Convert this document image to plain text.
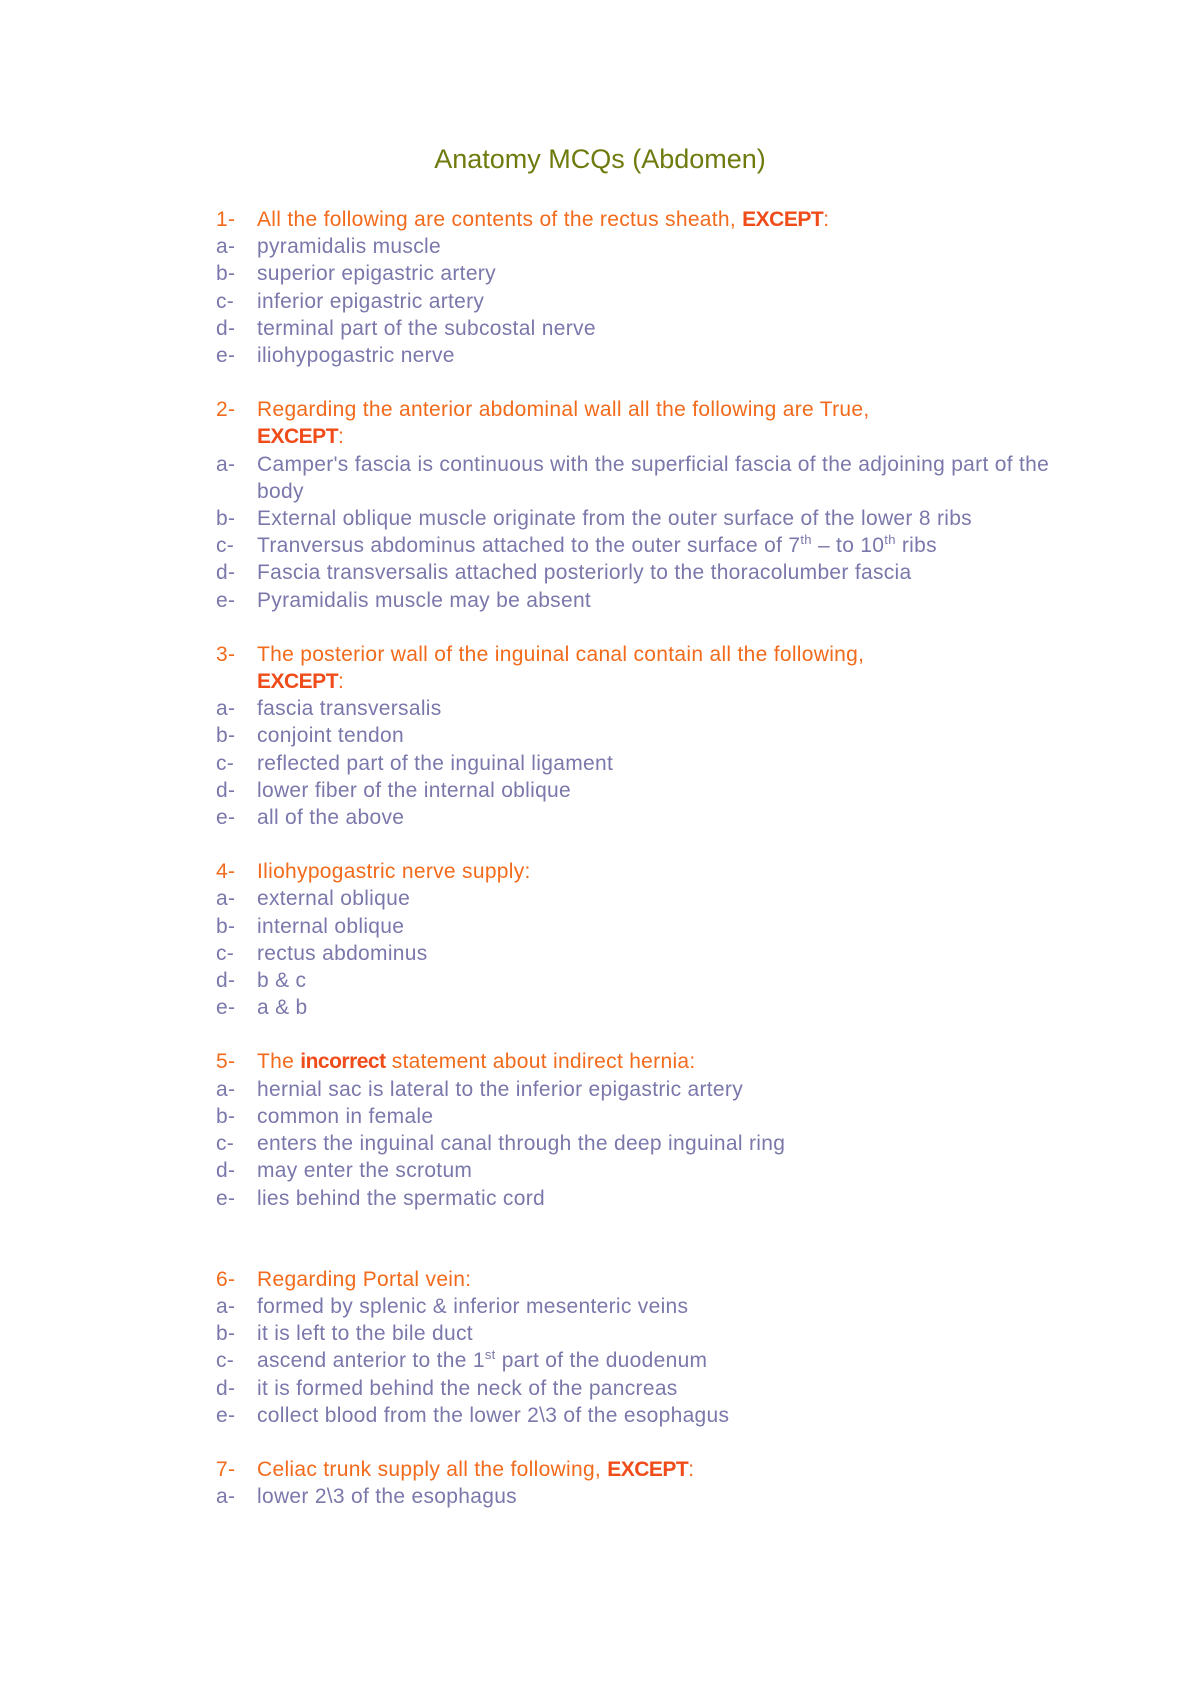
Anatomy MCQs (Abdomen)
1- All the following are contents of the rectus sheath, EXCEPT:
a- pyramidalis muscle
b- superior epigastric artery
c- inferior epigastric artery
d- terminal part of the subcostal nerve
e- iliohypogastric nerve
2- Regarding the anterior abdominal wall all the following are True,
EXCEPT:
a- Camper's fascia is continuous with the superficial fascia of the adjoining part of the body
b- External oblique muscle originate from the outer surface of the lower 8 ribs
c- Tranversus abdominus attached to the outer surface of 7th – to 10th ribs
d- Fascia transversalis attached posteriorly to the thoracolumber fascia
e- Pyramidalis muscle may be absent
3- The posterior wall of the inguinal canal contain all the following,
EXCEPT:
a- fascia transversalis
b- conjoint tendon
c- reflected part of the inguinal ligament
d- lower fiber of the internal oblique
e- all of the above
4- Iliohypogastric nerve supply:
a- external oblique
b- internal oblique
c- rectus abdominus
d- b & c
e- a & b
5- The incorrect statement about indirect hernia:
a- hernial sac is lateral to the inferior epigastric artery
b- common in female
c- enters the inguinal canal through the deep inguinal ring
d- may enter the scrotum
e- lies behind the spermatic cord
6- Regarding Portal vein:
a- formed by splenic & inferior mesenteric veins
b- it is left to the bile duct
c- ascend anterior to the 1st part of the duodenum
d- it is formed behind the neck of the pancreas
e- collect blood from the lower 2\3 of the esophagus
7- Celiac trunk supply all the following, EXCEPT:
a- lower 2\3 of the esophagus
